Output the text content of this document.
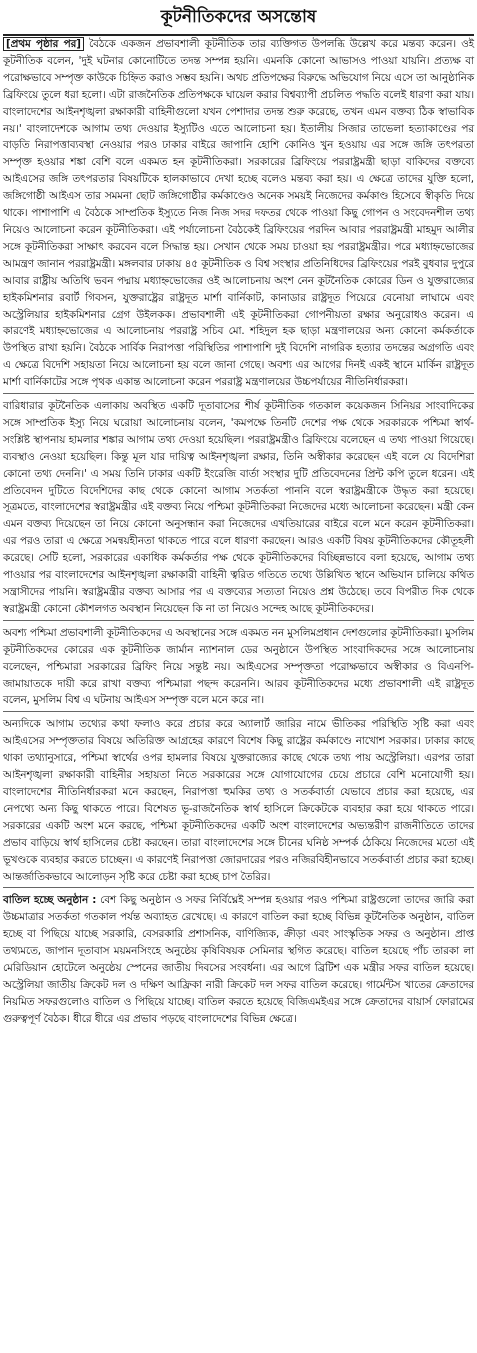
কূটনীতিকদের অসন্তোষ

[প্রথম পৃষ্ঠার পর] বৈঠকে একজন প্রভাবশালী কূটনীতিক তার ব্যক্তিগত উপলব্ধি উল্লেখ করে মন্তব্য করেন। ওই কূটনীতিক বলেন, 'দুই ঘটনার কোনোটিতে তদন্ত সম্পন্ন হয়নি। এমনকি কোনো আভাসও পাওয়া যায়নি। প্রত্যক্ষ বা পরোক্ষভাবে সম্পৃক্ত কাউকে চিহ্নিত করাও সম্ভব হয়নি। অথচ প্রতিপক্ষের বিরুদ্ধে অভিযোগ নিয়ে এসে তা আনুষ্ঠানিক ব্রিফিংয়ে তুলে ধরা হলো। এটা রাজনৈতিক প্রতিপক্ষকে ঘায়েল করার বিশ্বব্যাপী প্রচলিত পদ্ধতি বলেই ধারণা করা যায়। বাংলাদেশের আইনশৃঙ্খলা রক্ষাকারী বাহিনীগুলো যখন পেশাদার তদন্ত শুরু করেছে, তখন এমন বক্তব্য ঠিক স্বাভাবিক নয়।' বাংলাদেশকে আগাম তথ্য দেওয়ার ইস্যুটিও এতে আলোচনা হয়। ইতালীয় সিজার তাভেলা হত্যাকাণ্ডের পর বাড়তি নিরাপত্তাব্যবস্থা নেওয়ার পরও ঢাকার বাইরে জাপানি হোশি কোনিও খুন হওয়ায় এর সঙ্গে জঙ্গি তৎপরতা সম্পৃক্ত হওয়ার শঙ্কা বেশি বলে একমত হন কূটনীতিকরা। সরকারের ব্রিফিংয়ে পররাষ্ট্রমন্ত্রী ছাড়া বাকিদের বক্তব্যে আইএসের জঙ্গি তৎপরতার বিষয়টিকে হালকাভাবে দেখা হচ্ছে বলেও মন্তব্য করা হয়। এ ক্ষেত্রে তাদের যুক্তি হলো, জঙ্গিগোষ্ঠী আইএস তার সমমনা ছোট জঙ্গিগোষ্ঠীর কর্মকাণ্ডেও অনেক সময়ই নিজেদের কর্মকাণ্ড হিসেবে স্বীকৃতি দিয়ে থাকে। পাশাপাশি এ বৈঠকে সাম্প্রতিক ইস্যুতে নিজ নিজ সদর দফতর থেকে পাওয়া কিছু গোপন ও সংবেদনশীল তথ্য নিয়েও আলোচনা করেন কূটনীতিকরা। এই পর্যালোচনা বৈঠকেই ব্রিফিংয়ের পরদিন আবার পররাষ্ট্রমন্ত্রী মাহমুদ আলীর সঙ্গে কূটনীতিকরা সাক্ষাৎ করবেন বলে সিদ্ধান্ত হয়। সেখান থেকে সময় চাওয়া হয় পররাষ্ট্রমন্ত্রীর। পরে মধ্যাহ্নভোজের আমন্ত্রণ জানান পররাষ্ট্রমন্ত্রী। মঙ্গলবার ঢাকায় ৪৫ কূটনীতিক ও বিশ্ব সংস্থার প্রতিনিধিদের ব্রিফিংয়ের পরই বুধবার দুপুরে আবার রাষ্ট্রীয় অতিথি ভবন পদ্মায় মধ্যাহ্নভোজের ওই আলোচনায় অংশ নেন কূটনৈতিক কোরের ডিন ও যুক্তরাজ্যের হাইকমিশনার রবার্ট গিবসন, যুক্তরাষ্ট্রের রাষ্ট্রদূত মার্শা বার্নিকাট, কানাডার রাষ্ট্রদূত পিয়েরে বেনোয়া লাঘামে এবং অস্ট্রেলিয়ার হাইকমিশনার গ্রেগ উইলকক। প্রভাবশালী এই কূটনীতিকরা গোপনীয়তা রক্ষার অনুরোধও করেন। এ কারণেই মধ্যাহ্নভোজের এ আলোচনায় পররাষ্ট্র সচিব মো. শহিদুল হক ছাড়া মন্ত্রণালয়ের অন্য কোনো কর্মকর্তাকে উপস্থিত রাখা হয়নি। বৈঠকে সার্বিক নিরাপত্তা পরিস্থিতির পাশাপাশি দুই বিদেশি নাগরিক হত্যার তদন্তের অগ্রগতি এবং এ ক্ষেত্রে বিদেশি সহায়তা নিয়ে আলোচনা হয় বলে জানা গেছে। অবশ্য এর আগের দিনই একই স্থানে মার্কিন রাষ্ট্রদূত মার্শা বার্নিকাটের সঙ্গে পৃথক একান্ত আলোচনা করেন পররাষ্ট্র মন্ত্রণালয়ের উচ্চপর্যায়ের নীতিনির্ধারকরা।

বারিধারার কূটনৈতিক এলাকায় অবস্থিত একটি দূতাবাসের শীর্ষ কূটনীতিক গতকাল কয়েকজন সিনিয়র সাংবাদিকের সঙ্গে সাম্প্রতিক ইস্যু নিয়ে ঘরোয়া আলোচনায় বলেন, 'কমপক্ষে তিনটি দেশের পক্ষ থেকে সরকারকে পশ্চিমা স্বার্থ-সংশ্লিষ্ট স্থাপনায় হামলার শঙ্কার আগাম তথ্য দেওয়া হয়েছিল। পররাষ্ট্রমন্ত্রীও ব্রিফিংয়ে বলেছেন এ তথ্য পাওয়া গিয়েছে। ব্যবস্থাও নেওয়া হয়েছিল। কিন্তু মূল যার দায়িত্ব আইনশৃঙ্খলা রক্ষার, তিনি অস্বীকার করেছেন এই বলে যে বিদেশিরা কোনো তথ্য দেননি।' এ সময় তিনি ঢাকার একটি ইংরেজি বার্তা সংস্থার দুটি প্রতিবেদনের প্রিন্ট কপি তুলে ধরেন। এই প্রতিবেদন দুটিতে বিদেশিদের কাছ থেকে কোনো আগাম সতর্কতা পাননি বলে স্বরাষ্ট্রমন্ত্রীকে উদ্ধৃত করা হয়েছে। সূত্রমতে, বাংলাদেশের স্বরাষ্ট্রমন্ত্রীর এই বক্তব্য নিয়ে পশ্চিমা কূটনীতিকরা নিজেদের মধ্যে আলোচনা করেছেন। মন্ত্রী কেন এমন বক্তব্য দিয়েছেন তা নিয়ে কোনো অনুসন্ধান করা নিজেদের এখতিয়ারের বাইরে বলে মনে করেন কূটনীতিকরা। এর পরও তারা এ ক্ষেত্রে সমন্বয়হীনতা থাকতে পারে বলে ধারণা করছেন। আরও একটি বিষয় কূটনীতিকদের কৌতূহলী করেছে। সেটি হলো, সরকারের একাধিক কর্মকর্তার পক্ষ থেকে কূটনীতিকদের বিচ্ছিন্নভাবে বলা হয়েছে, আগাম তথ্য পাওয়ার পর বাংলাদেশের আইনশৃঙ্খলা রক্ষাকারী বাহিনী ত্বরিত গতিতে তথ্যে উল্লিখিত স্থানে অভিযান চালিয়ে কথিত সন্ত্রাসীদের পায়নি। স্বরাষ্ট্রমন্ত্রীর বক্তব্য আসার পর এ বক্তব্যের সত্যতা নিয়েও প্রশ্ন উঠেছে। তবে বিপরীত দিক থেকে স্বরাষ্ট্রমন্ত্রী কোনো কৌশলগত অবস্থান নিয়েছেন কি না তা নিয়েও সন্দেহ আছে কূটনীতিকদের।

অবশ্য পশ্চিমা প্রভাবশালী কূটনীতিকদের এ অবস্থানের সঙ্গে একমত নন মুসলিমপ্রধান দেশগুলোর কূটনীতিকরা। মুসলিম কূটনীতিকদের কোরের এক কূটনীতিক জার্মান ন্যাশনাল ডের অনুষ্ঠানে উপস্থিত সাংবাদিকদের সঙ্গে আলোচনায় বলেছেন, পশ্চিমারা সরকারের ব্রিফিং নিয়ে সন্তুষ্ট নয়। আইএসের সম্পৃক্ততা পরোক্ষভাবে অস্বীকার ও বিএনপি-জামায়াতকে দায়ী করে রাখা বক্তব্য পশ্চিমারা পছন্দ করেননি। আরব কূটনীতিকদের মধ্যে প্রভাবশালী এই রাষ্ট্রদূত বলেন, মুসলিম বিশ্ব এ ঘটনায় আইএস সম্পৃক্ত বলে মনে করে না।

অন্যদিকে আগাম তথ্যের কথা ফলাও করে প্রচার করে অ্যালার্ট জারির নামে ভীতিকর পরিস্থিতি সৃষ্টি করা এবং আইএসের সম্পৃক্ততার বিষয়ে অতিরিক্ত আগ্রহের কারণে বিশেষ কিছু রাষ্ট্রের কর্মকাণ্ডে নাখোশ সরকার। ঢাকার কাছে থাকা তথ্যানুসারে, পশ্চিমা স্বার্থের ওপর হামলার বিষয়ে যুক্তরাজ্যের কাছে থেকে তথ্য পায় অস্ট্রেলিয়া। এরপর তারা আইনশৃঙ্খলা রক্ষাকারী বাহিনীর সহায়তা নিতে সরকারের সঙ্গে যোগাযোগের চেয়ে প্রচারে বেশি মনোযোগী হয়। বাংলাদেশের নীতিনির্ধারকরা মনে করছেন, নিরাপত্তা হুমকির তথ্য ও সতর্কবার্তা যেভাবে প্রচার করা হয়েছে, এর নেপথ্যে অন্য কিছু থাকতে পারে। বিশেষত ভূ-রাজনৈতিক স্বার্থ হাসিলে ক্রিকেটকে ব্যবহার করা হয়ে থাকতে পারে। সরকারের একটি অংশ মনে করছে, পশ্চিমা কূটনীতিকদের একটি অংশ বাংলাদেশের অভ্যন্তরীণ রাজনীতিতে তাদের প্রভাব বাড়িয়ে স্বার্থ হাসিলের চেষ্টা করছেন। তারা বাংলাদেশের সঙ্গে চীনের ঘনিষ্ঠ সম্পর্ক ঠেকিয়ে নিজেদের মতো এই ভূখণ্ডকে ব্যবহার করতে চাচ্ছেন। এ কারণেই নিরাপত্তা জোরদারের পরও নজিরবিহীনভাবে সতর্কবার্তা প্রচার করা হচ্ছে। আন্তর্জাতিকভাবে আলোড়ন সৃষ্টি করে চেষ্টা করা হচ্ছে চাপ তৈরির।

বাতিল হচ্ছে অনুষ্ঠান : বেশ কিছু অনুষ্ঠান ও সফর নির্বিঘ্নেই সম্পন্ন হওয়ার পরও পশ্চিমা রাষ্ট্রগুলো তাদের জারি করা উচ্চমাত্রার সতর্কতা গতকাল পর্যন্ত অব্যাহত রেখেছে। এ কারণে বাতিল করা হচ্ছে বিভিন্ন কূটনৈতিক অনুষ্ঠান, বাতিল হচ্ছে বা পিছিয়ে যাচ্ছে সরকারি, বেসরকারি প্রশাসনিক, বাণিজ্যিক, ক্রীড়া এবং সাংস্কৃতিক সফর ও অনুষ্ঠান। প্রাপ্ত তথ্যমতে, জাপান দূতাবাস ময়মনসিংহে অনুষ্ঠেয় কৃষিবিষয়ক সেমিনার স্থগিত করেছে। বাতিল হয়েছে পাঁচ তারকা লা মেরিডিয়ান হোটেলে অনুষ্ঠেয় স্পেনের জাতীয় দিবসের সংবর্ধনা। এর আগে ব্রিটিশ এক মন্ত্রীর সফর বাতিল হয়েছে। অস্ট্রেলিয়া জাতীয় ক্রিকেট দল ও দক্ষিণ আফ্রিকা নারী ক্রিকেট দল সফর বাতিল করেছে। গার্মেন্টস খাতের ক্রেতাদের নিয়মিত সফরগুলোও বাতিল ও পিছিয়ে যাচ্ছে। বাতিল করতে হয়েছে বিজিএমইএর সঙ্গে ক্রেতাদের বায়ার্স ফোরামের গুরুত্বপূর্ণ বৈঠক। ধীরে ধীরে এর প্রভাব পড়ছে বাংলাদেশের বিভিন্ন ক্ষেত্রে।
